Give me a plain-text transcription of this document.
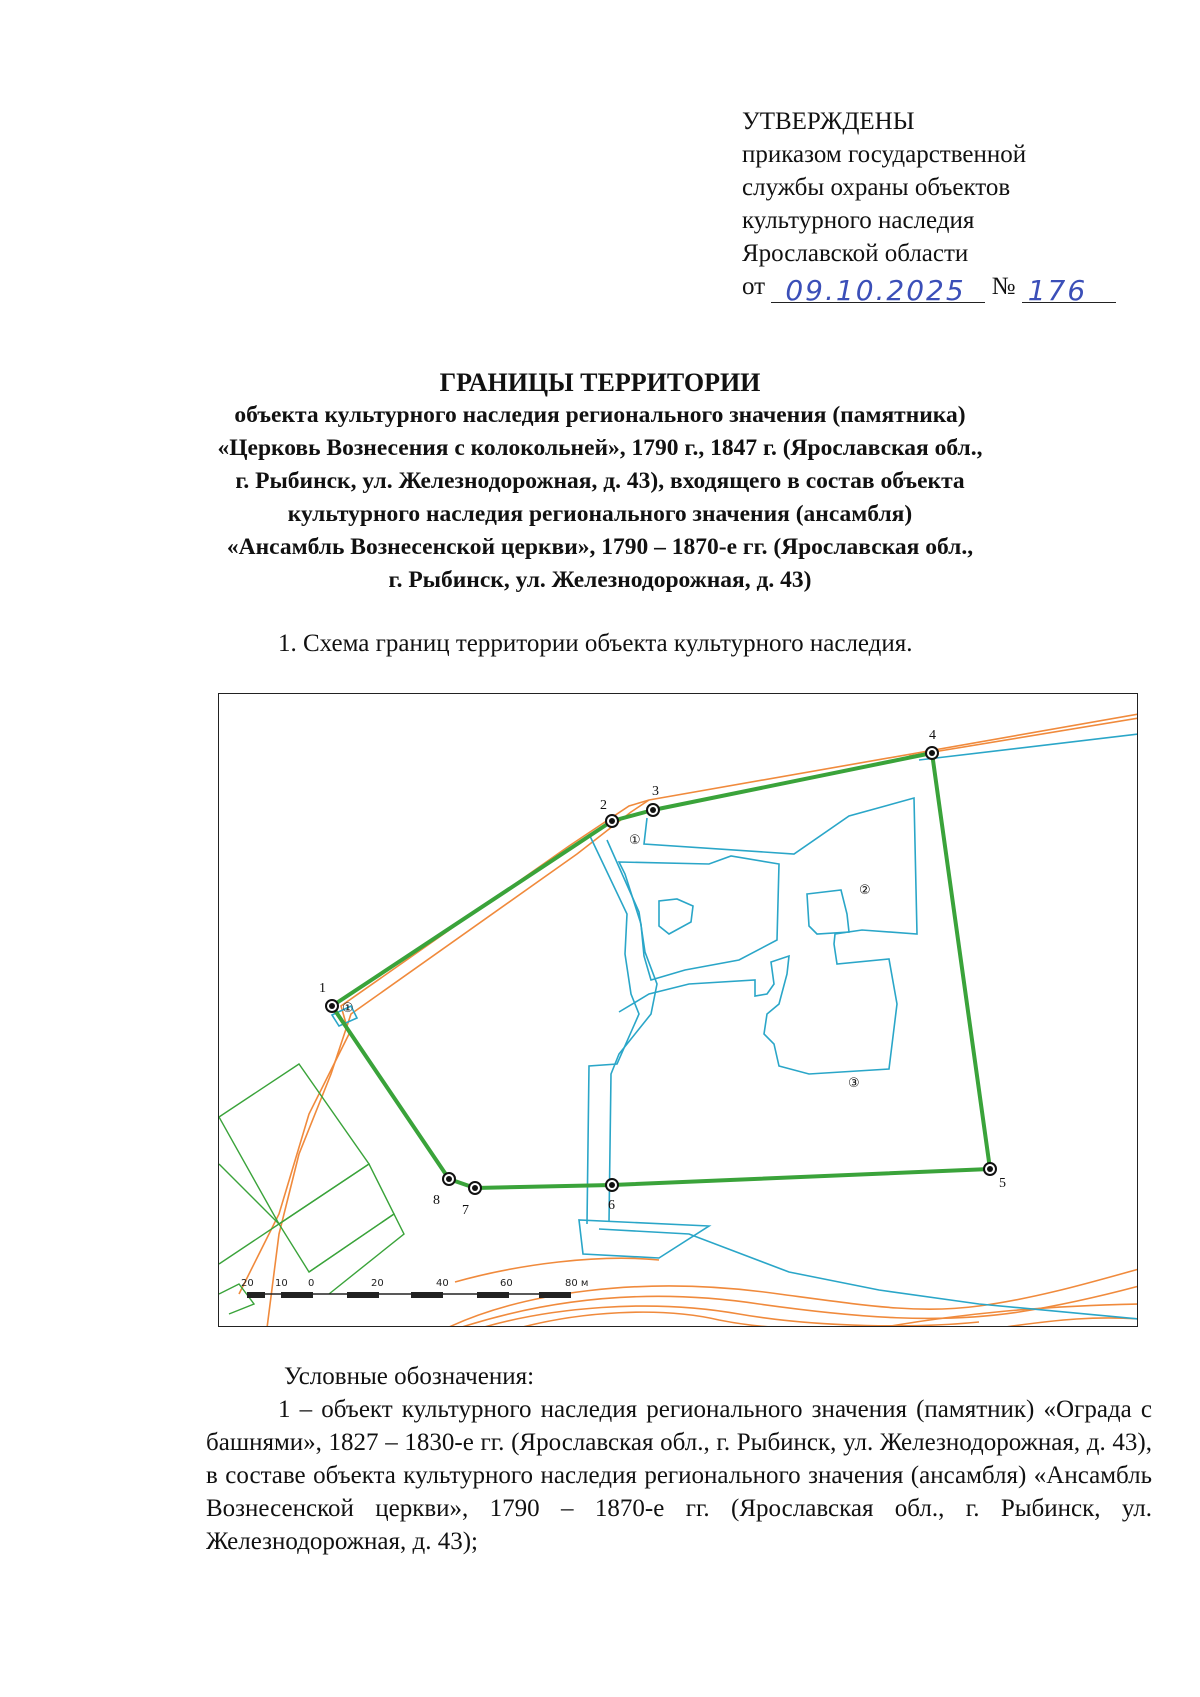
УТВЕРЖДЕНЫ
приказом государственной
службы охраны объектов
культурного наследия
Ярославской области
от 09.10.2025 № 176
ГРАНИЦЫ ТЕРРИТОРИИ
объекта культурного наследия регионального значения (памятника)
«Церковь Вознесения с колокольней», 1790 г., 1847 г. (Ярославская обл.,
г. Рыбинск, ул. Железнодорожная, д. 43), входящего в состав объекта
культурного наследия регионального значения (ансамбля)
«Ансамбль Вознесенской церкви», 1790 – 1870-е гг. (Ярославская обл.,
г. Рыбинск, ул. Железнодорожная, д. 43)
1. Схема границ территории объекта культурного наследия.
20 10 0	20	40	60	80 м
1
2
3
4
5
6
7
8
①
①
②
③
Условные обозначения:
1 – объект культурного наследия регионального значения (памятник) «Ограда с башнями», 1827 – 1830-е гг. (Ярославская обл., г. Рыбинск, ул. Железнодорожная, д. 43), в составе объекта культурного наследия регионального значения (ансамбля) «Ансамбль Вознесенской церкви», 1790 – 1870-е гг. (Ярославская обл., г. Рыбинск, ул. Железнодорожная, д. 43);
